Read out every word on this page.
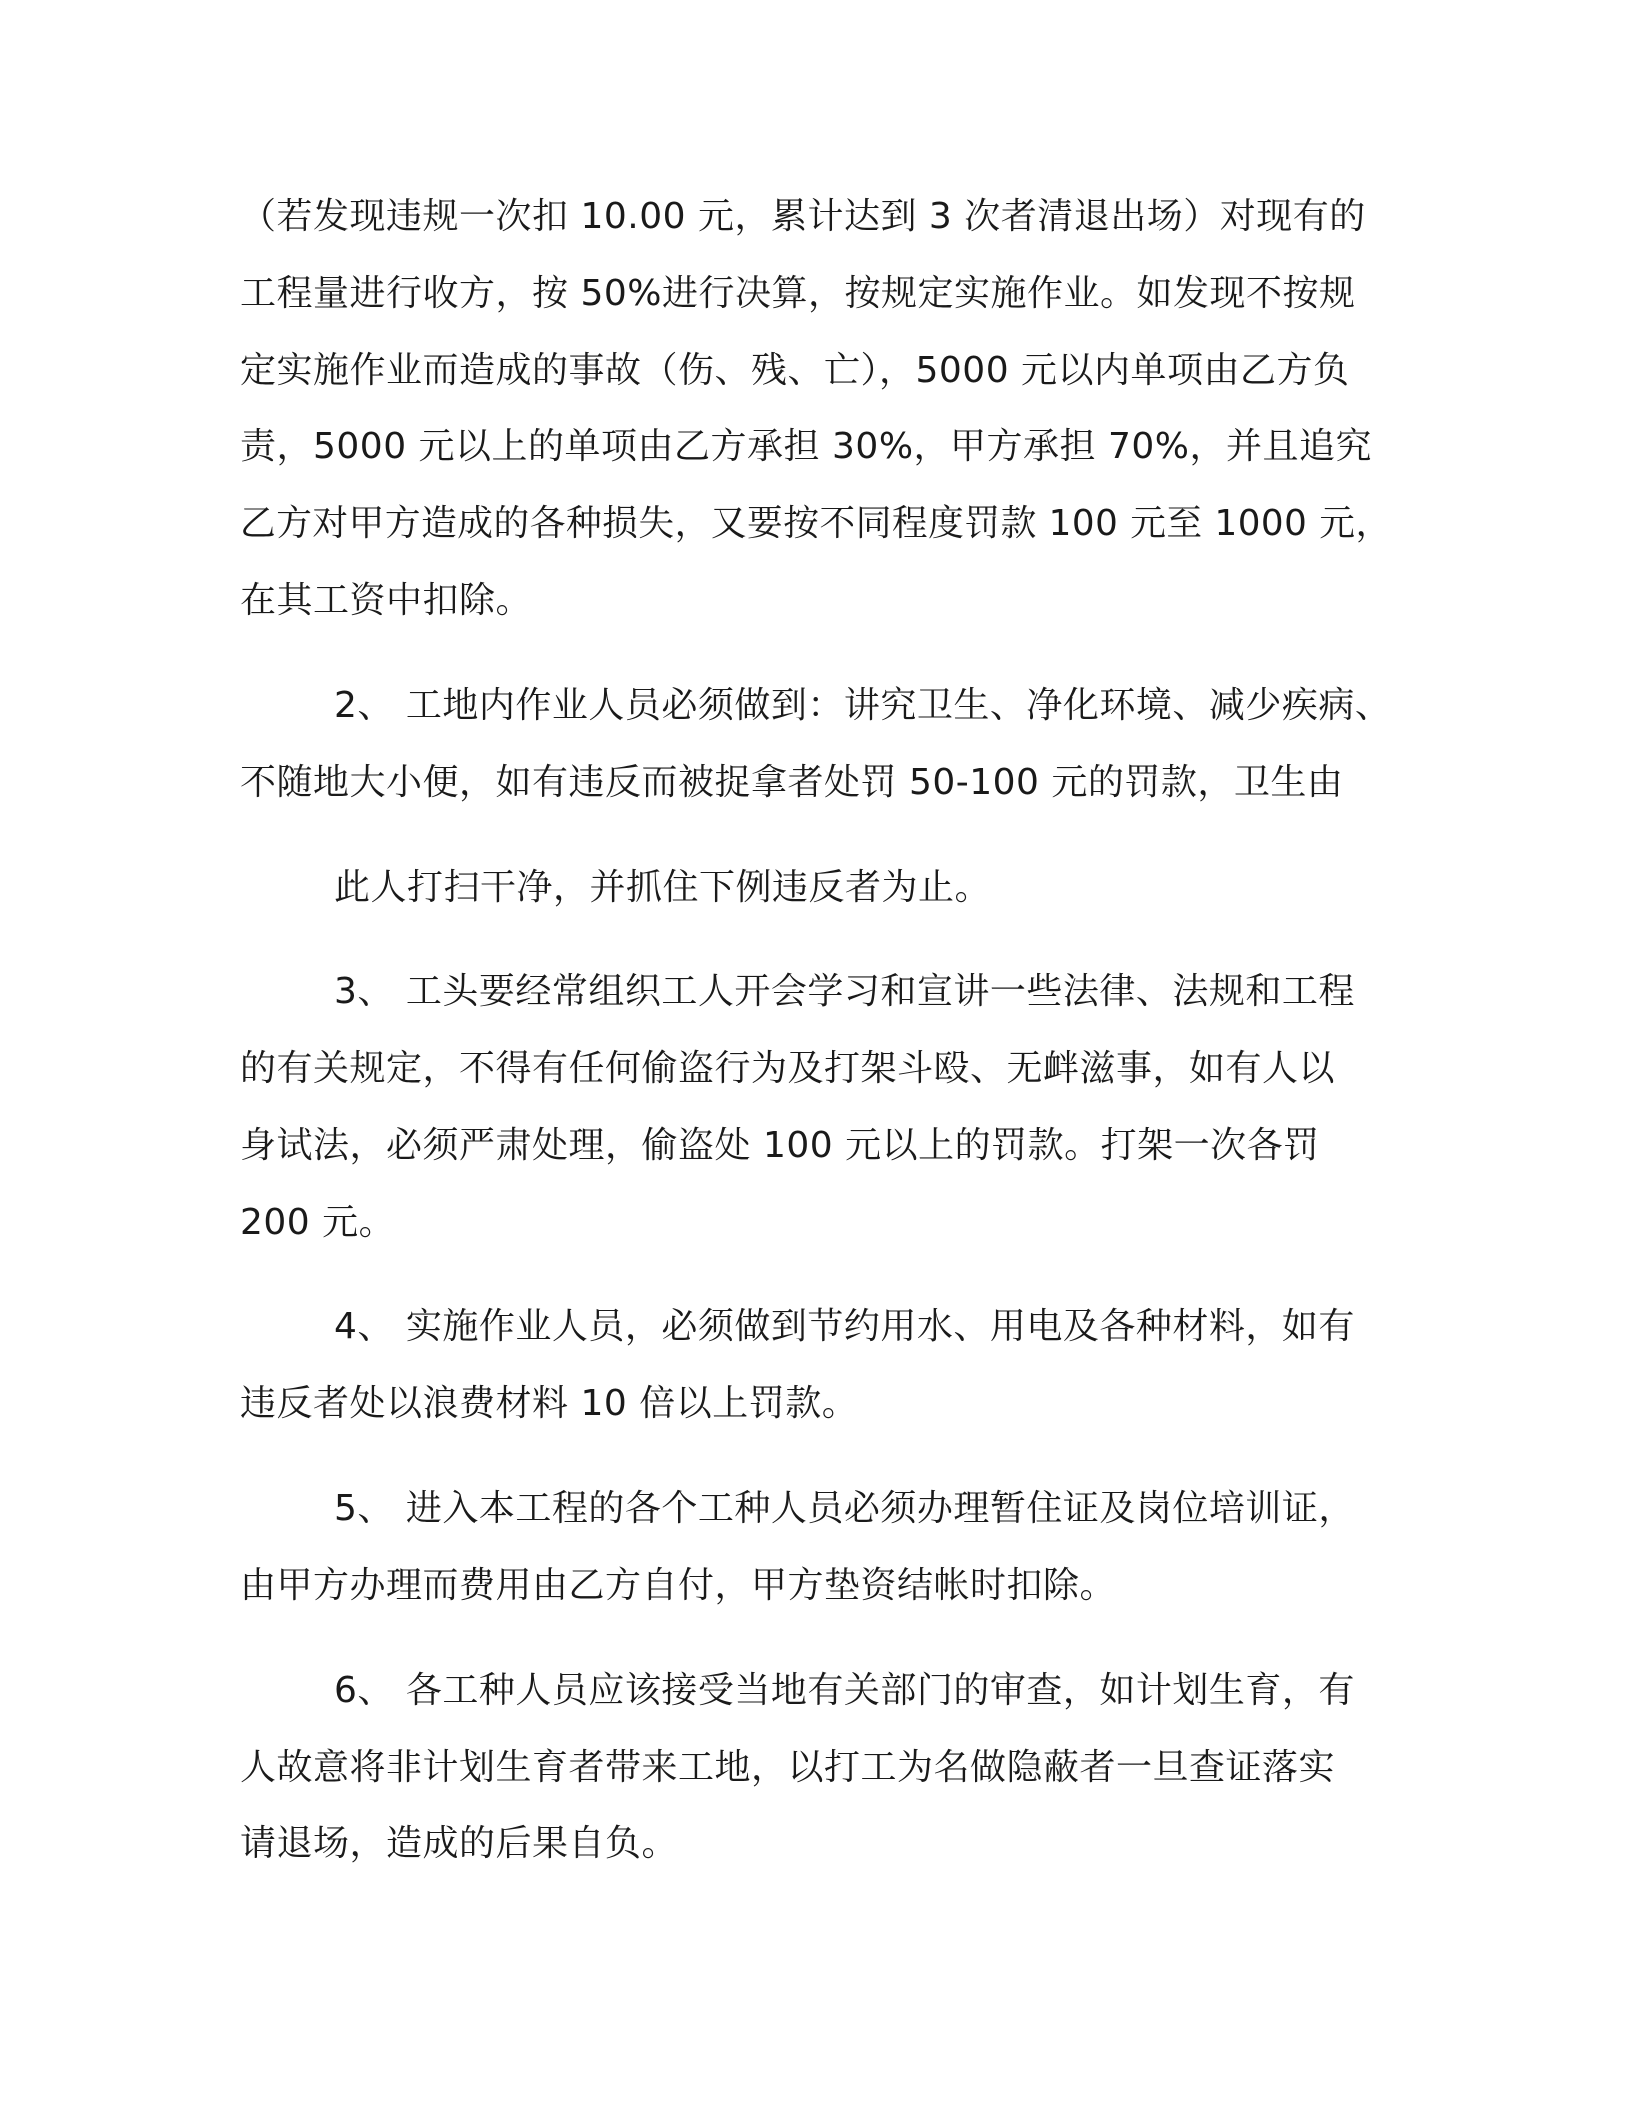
（若发现违规一次扣 10.00 元，累计达到 3 次者清退出场）对现有的
工程量进行收方，按 50%进行决算，按规定实施作业。如发现不按规
定实施作业而造成的事故（伤、残、亡），5000 元以内单项由乙方负
责，5000 元以上的单项由乙方承担 30%，甲方承担 70%，并且追究
乙方对甲方造成的各种损失，又要按不同程度罚款 100 元至 1000 元，
在其工资中扣除。
2、 工地内作业人员必须做到：讲究卫生、净化环境、减少疾病、
不随地大小便，如有违反而被捉拿者处罚 50-100 元的罚款，卫生由
此人打扫干净，并抓住下例违反者为止。
3、 工头要经常组织工人开会学习和宣讲一些法律、法规和工程
的有关规定，不得有任何偷盗行为及打架斗殴、无衅滋事，如有人以
身试法，必须严肃处理，偷盗处 100 元以上的罚款。打架一次各罚
200 元。
4、 实施作业人员，必须做到节约用水、用电及各种材料，如有
违反者处以浪费材料 10 倍以上罚款。
5、 进入本工程的各个工种人员必须办理暂住证及岗位培训证，
由甲方办理而费用由乙方自付，甲方垫资结帐时扣除。
6、 各工种人员应该接受当地有关部门的审查，如计划生育，有
人故意将非计划生育者带来工地，以打工为名做隐蔽者一旦查证落实
请退场，造成的后果自负。
